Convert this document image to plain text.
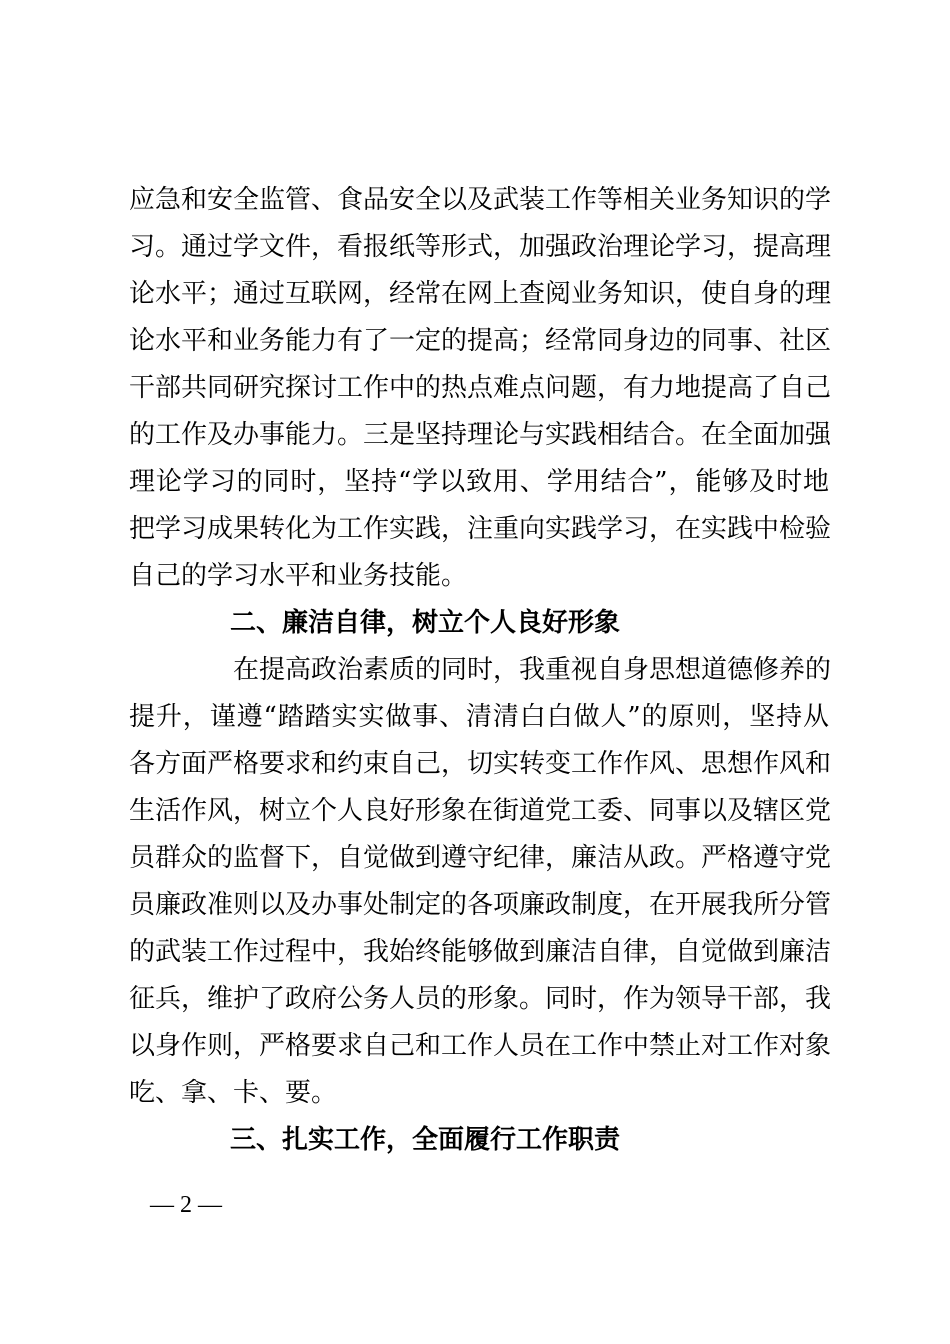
应急和安全监管、食品安全以及武装工作等相关业务知识的学
习。通过学文件，看报纸等形式，加强政治理论学习，提高理
论水平；通过互联网，经常在网上查阅业务知识，使自身的理
论水平和业务能力有了一定的提高；经常同身边的同事、社区
干部共同研究探讨工作中的热点难点问题，有力地提高了自己
的工作及办事能力。三是坚持理论与实践相结合。在全面加强
理论学习的同时，坚持“学以致用、学用结合”，能够及时地
把学习成果转化为工作实践，注重向实践学习，在实践中检验
自己的学习水平和业务技能。
二、廉洁自律，树立个人良好形象
在提高政治素质的同时，我重视自身思想道德修养的
提升，谨遵“踏踏实实做事、清清白白做人”的原则，坚持从
各方面严格要求和约束自己，切实转变工作作风、思想作风和
生活作风，树立个人良好形象在街道党工委、同事以及辖区党
员群众的监督下，自觉做到遵守纪律，廉洁从政。严格遵守党
员廉政准则以及办事处制定的各项廉政制度，在开展我所分管
的武装工作过程中，我始终能够做到廉洁自律，自觉做到廉洁
征兵，维护了政府公务人员的形象。同时，作为领导干部，我
以身作则，严格要求自己和工作人员在工作中禁止对工作对象
吃、拿、卡、要。
三、扎实工作，全面履行工作职责
— 2 —
